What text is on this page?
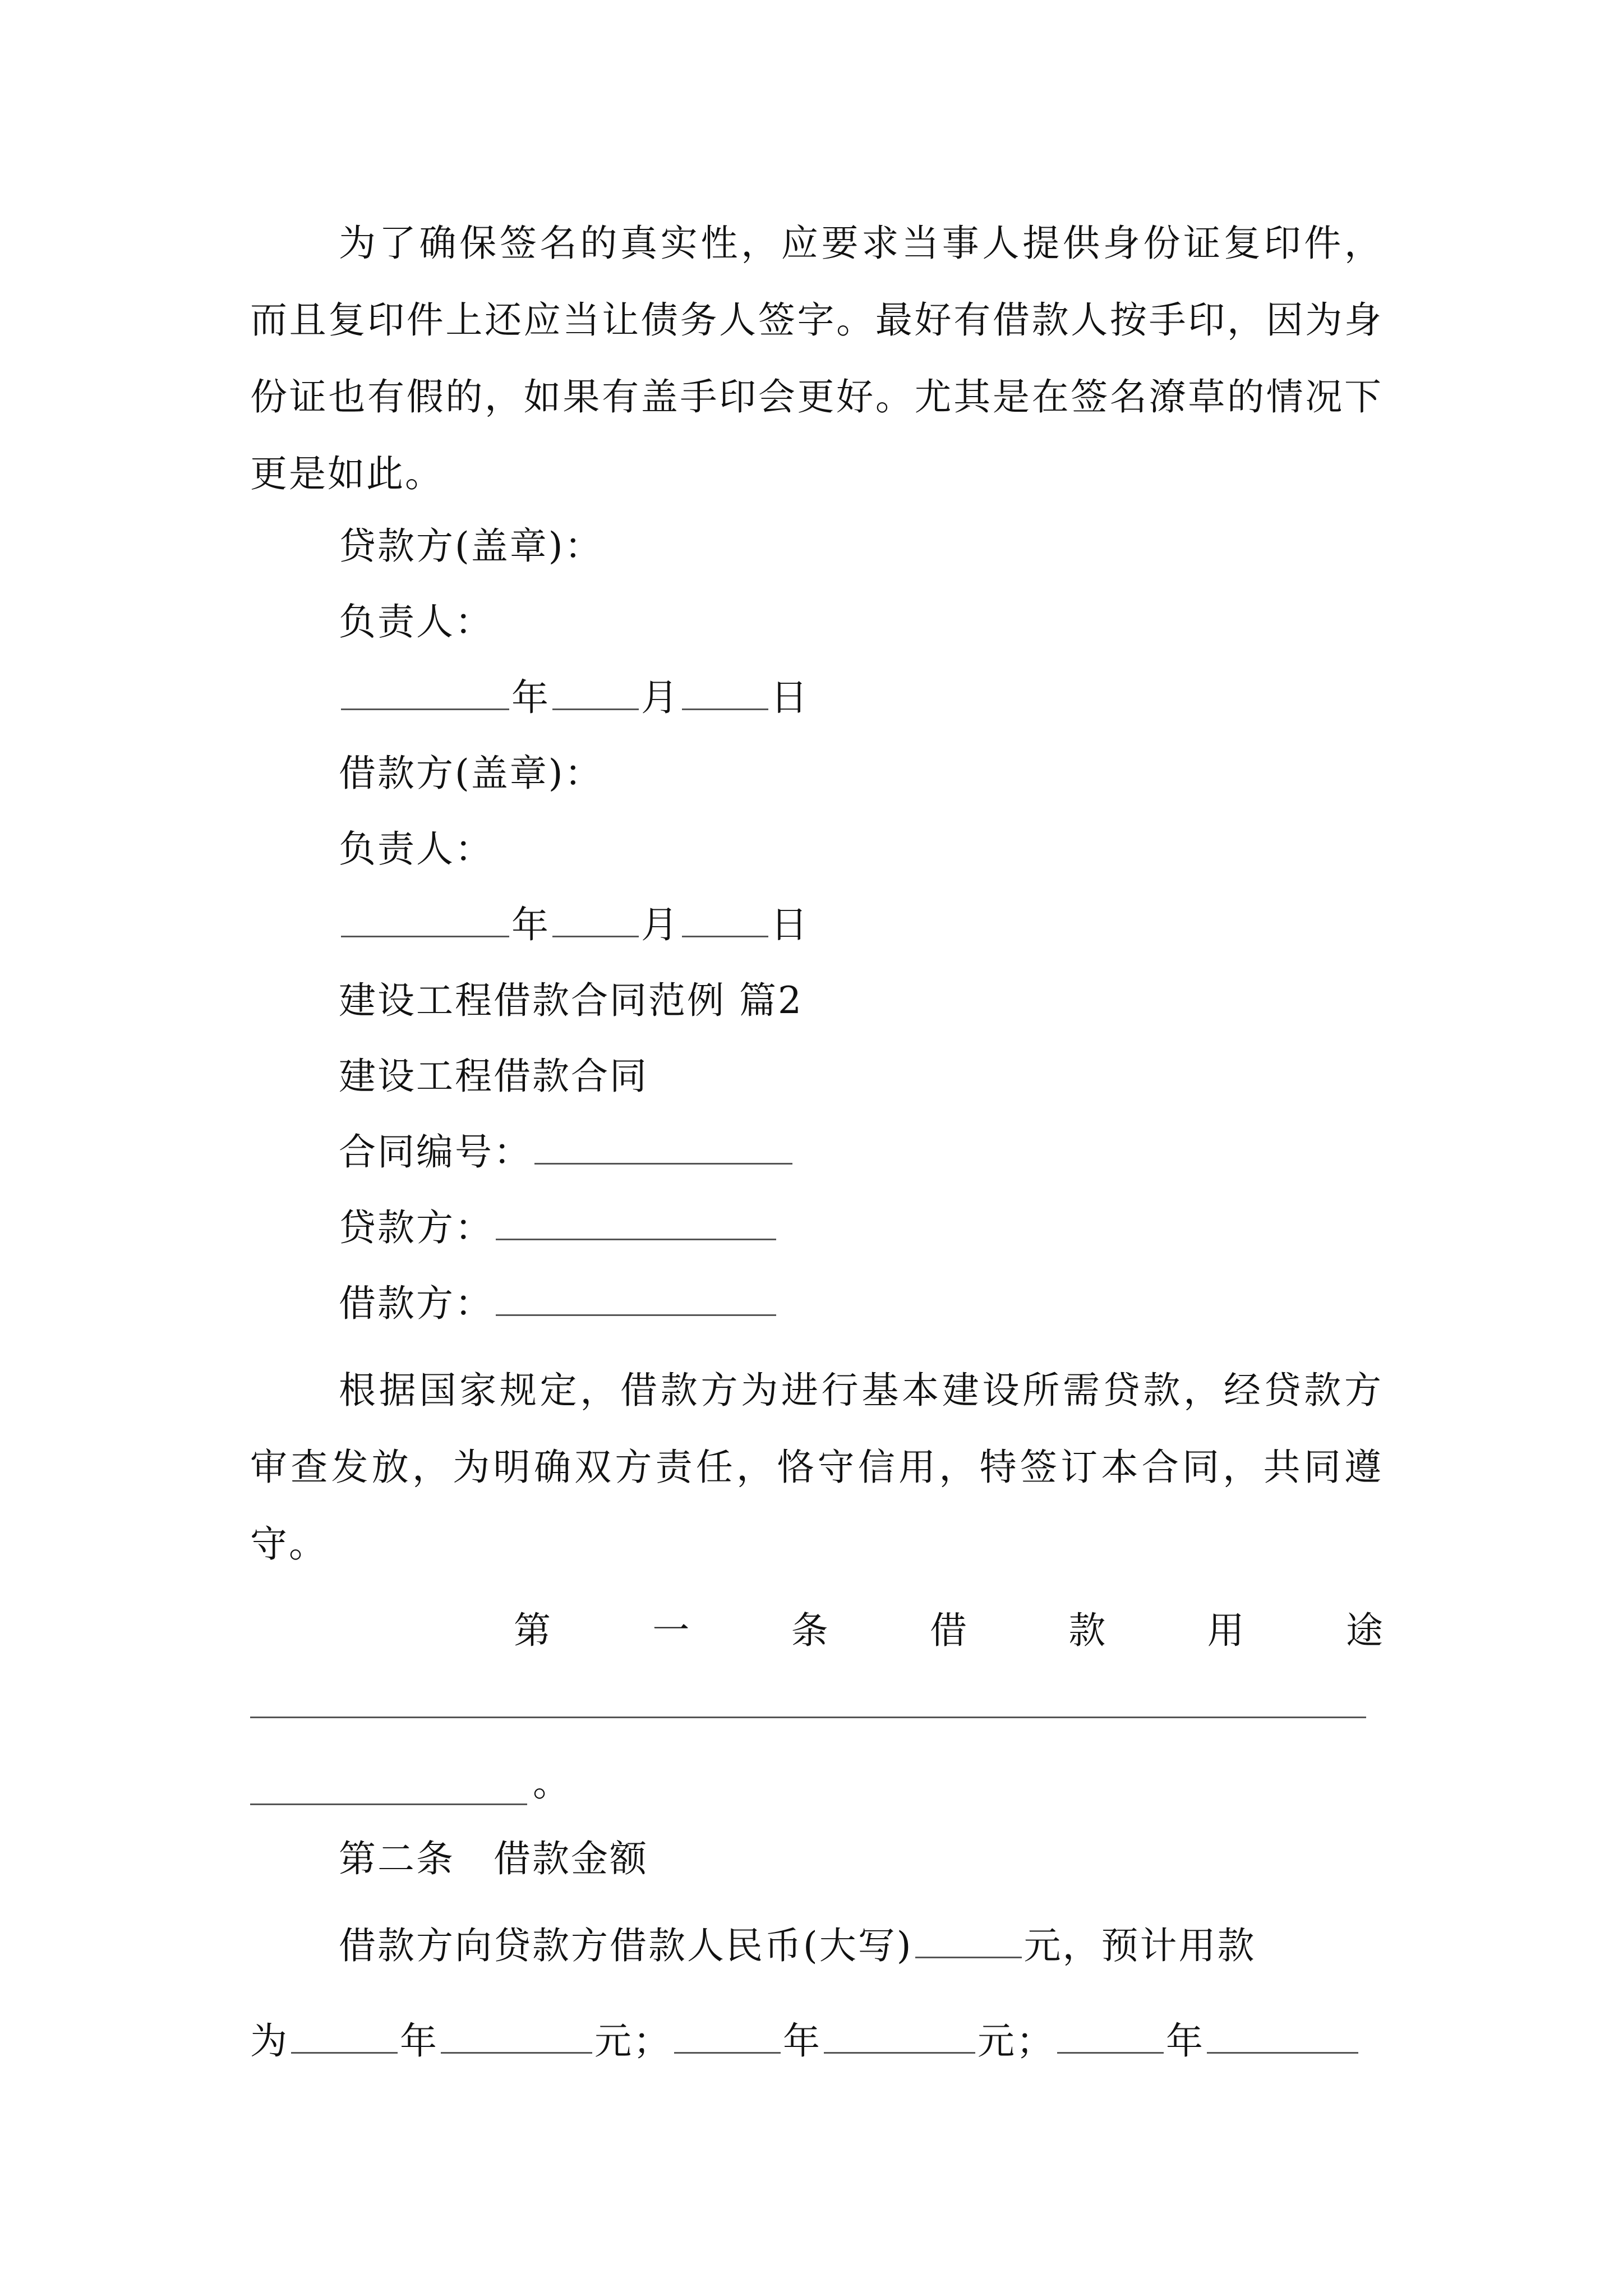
为了确保签名的真实性，应要求当事人提供身份证复印件，而且复印件上还应当让债务人签字。最好有借款人按手印，因为身份证也有假的，如果有盖手印会更好。尤其是在签名潦草的情况下更是如此。

贷款方(盖章)：

负责人：

年 月 日

借款方(盖章)：

负责人：

年 月 日

建设工程借款合同范例 篇2

建设工程借款合同

合同编号：

贷款方：

借款方：

根据国家规定，借款方为进行基本建设所需贷款，经贷款方审查发放，为明确双方责任，恪守信用，特签订本合同，共同遵守。

第	一	条	借	款	用	途
。

第二条　借款金额

借款方向贷款方借款人民币(大写)	元，预计用款

为	年	元；	年	元；	年
